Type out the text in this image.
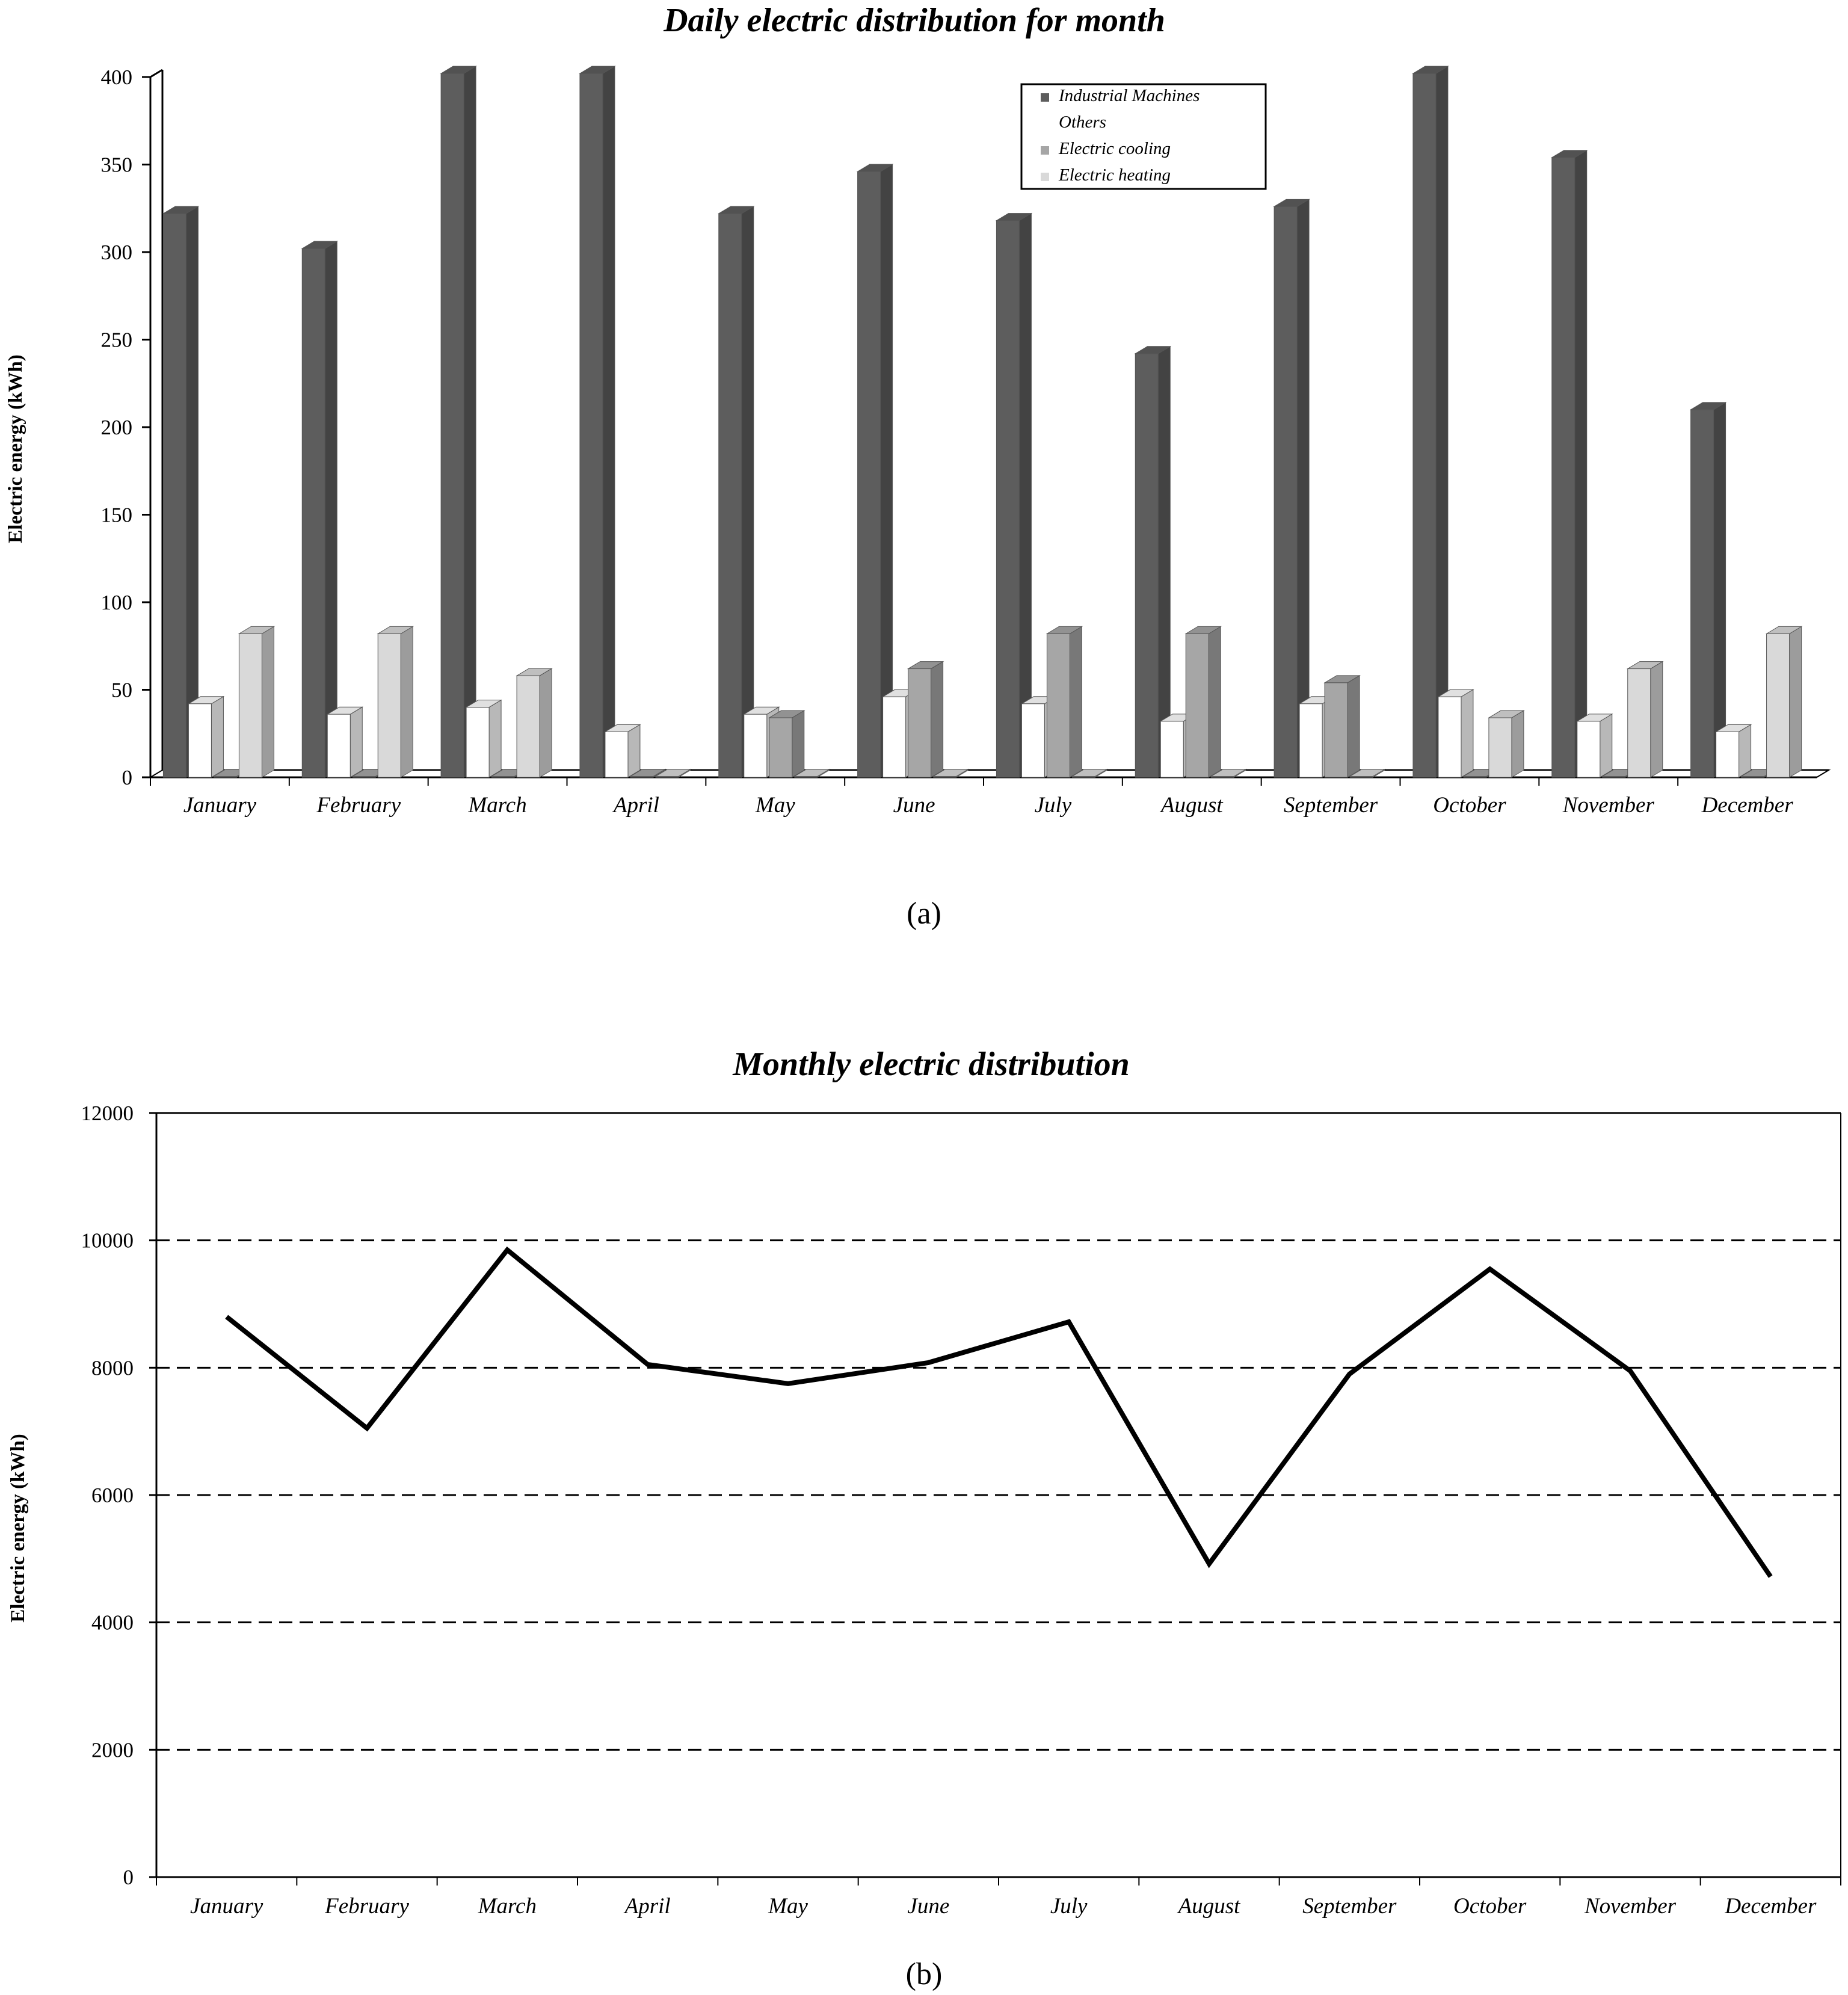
Daily electric distribution for month
Electric energy (kWh)
(a)
0
50
100
150
200
250
300
350
400
January	February	March	April	May	June	July	August	September October	November December
Industrial Machines
Others
Electric cooling
Electric heating
Monthly electric distribution
Electric energy (kWh)
(b)
0
2000
4000
6000
8000
10000
12000
January	February	March	April	May	June	July	August	September	October	November December
